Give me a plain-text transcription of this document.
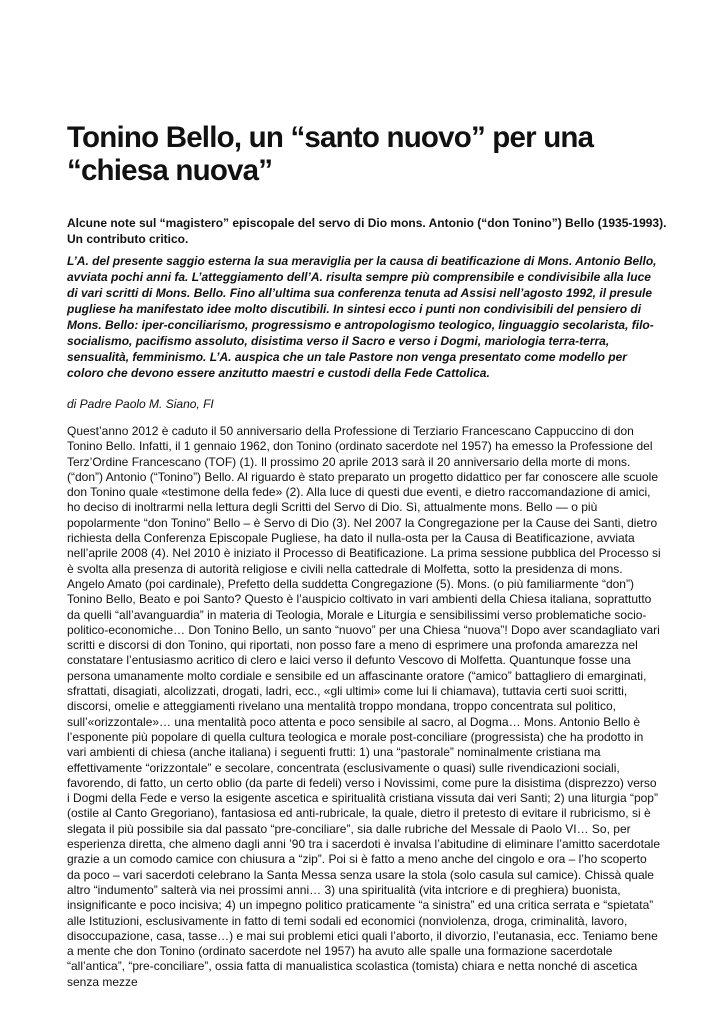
Tonino Bello, un “santo nuovo” per una “chiesa nuova”

Alcune note sul “magistero” episcopale del servo di Dio mons. Antonio (“don Tonino”) Bello (1935-1993). Un contributo critico.

L’A. del presente saggio esterna la sua meraviglia per la causa di beatificazione di Mons. Antonio Bello, avviata pochi anni fa. L’atteggiamento dell’A. risulta sempre più comprensibile e condivisibile alla luce di vari scritti di Mons. Bello. Fino all’ultima sua conferenza tenuta ad Assisi nell’agosto 1992, il presule pugliese ha manifestato idee molto discutibili. In sintesi ecco i punti non condivisibili del pensiero di Mons. Bello: iper-conciliarismo, progressismo e antropologismo teologico, linguaggio secolarista, filo-socialismo, pacifismo assoluto, disistima verso il Sacro e verso i Dogmi, mariologia terra-terra, sensualità, femminismo. L’A. auspica che un tale Pastore non venga presentato come modello per coloro che devono essere anzitutto maestri e custodi della Fede Cattolica.

di Padre Paolo M. Siano, FI

Quest’anno 2012 è caduto il 50 anniversario della Professione di Terziario Francescano Cappuccino di don Tonino Bello. Infatti, il 1 gennaio 1962, don Tonino (ordinato sacerdote nel 1957) ha emesso la Professione del Terz’Ordine Francescano (TOF) (1). Il prossimo 20 aprile 2013 sarà il 20 anniversario della morte di mons. (“don”) Antonio (“Tonino”) Bello. Al riguardo è stato preparato un progetto didattico per far conoscere alle scuole don Tonino quale «testimone della fede» (2). Alla luce di questi due eventi, e dietro raccomandazione di amici, ho deciso di inoltrarmi nella lettura degli Scritti del Servo di Dio. Sì, attualmente mons. Bello — o più popolarmente “don Tonino” Bello – è Servo di Dio (3). Nel 2007 la Congregazione per la Cause dei Santi, dietro richiesta della Conferenza Episcopale Pugliese, ha dato il nulla-osta per la Causa di Beatificazione, avviata nell’aprile 2008 (4). Nel 2010 è iniziato il Processo di Beatificazione. La prima sessione pubblica del Processo si è svolta alla presenza di autorità religiose e civili nella cattedrale di Molfetta, sotto la presidenza di mons. Angelo Amato (poi cardinale), Prefetto della suddetta Congregazione (5). Mons. (o più familiarmente “don”) Tonino Bello, Beato e poi Santo? Questo è l’auspicio coltivato in vari ambienti della Chiesa italiana, soprattutto da quelli “all’avanguardia” in materia di Teologia, Morale e Liturgia e sensibilissimi verso problematiche socio-politico-economiche… Don Tonino Bello, un santo “nuovo” per una Chiesa “nuova”! Dopo aver scandagliato vari scritti e discorsi di don Tonino, qui riportati, non posso fare a meno di esprimere una profonda amarezza nel constatare l’entusiasmo acritico di clero e laici verso il defunto Vescovo di Molfetta. Quantunque fosse una persona umanamente molto cordiale e sensibile ed un affascinante oratore (“amico” battagliero di emarginati, sfrattati, disagiati, alcolizzati, drogati, ladri, ecc., «gli ultimi» come lui li chiamava), tuttavia certi suoi scritti, discorsi, omelie e atteggiamenti rivelano una mentalità troppo mondana, troppo concentrata sul politico, sull’«orizzontale»… una mentalità poco attenta e poco sensibile al sacro, al Dogma… Mons. Antonio Bello è l’esponente più popolare di quella cultura teologica e morale post-conciliare (progressista) che ha prodotto in vari ambienti di chiesa (anche italiana) i seguenti frutti: 1) una “pastorale” nominalmente cristiana ma effettivamente “orizzontale” e secolare, concentrata (esclusivamente o quasi) sulle rivendicazioni sociali, favorendo, di fatto, un certo oblio (da parte di fedeli) verso i Novissimi, come pure la disistima (disprezzo) verso i Dogmi della Fede e verso la esigente ascetica e spiritualità cristiana vissuta dai veri Santi; 2) una liturgia “pop” (ostile al Canto Gregoriano), fantasiosa ed anti-rubricale, la quale, dietro il pretesto di evitare il rubricismo, si è slegata il più possibile sia dal passato “pre-conciliare”, sia dalle rubriche del Messale di Paolo VI… So, per esperienza diretta, che almeno dagli anni ’90 tra i sacerdoti è invalsa l’abitudine di eliminare l’amitto sacerdotale grazie a un comodo camice con chiusura a “zip”. Poi si è fatto a meno anche del cingolo e ora – l’ho scoperto da poco – vari sacerdoti celebrano la Santa Messa senza usare la stola (solo casula sul camice). Chissà quale altro “indumento” salterà via nei prossimi anni… 3) una spiritualità (vita intcriore e di preghiera) buonista, insignificante e poco incisiva; 4) un impegno politico praticamente “a sinistra” ed una critica serrata e “spietata” alle Istituzioni, esclusivamente in fatto di temi sodali ed economici (nonviolenza, droga, criminalità, lavoro, disoccupazione, casa, tasse…) e mai sui problemi etici quali l’aborto, il divorzio, l’eutanasia, ecc. Teniamo bene a mente che don Tonino (ordinato sacerdote nel 1957) ha avuto alle spalle una formazione sacerdotale “all’antica”, “pre-conciliare”, ossia fatta di manualistica scolastica (tomista) chiara e netta nonché di ascetica senza mezze
